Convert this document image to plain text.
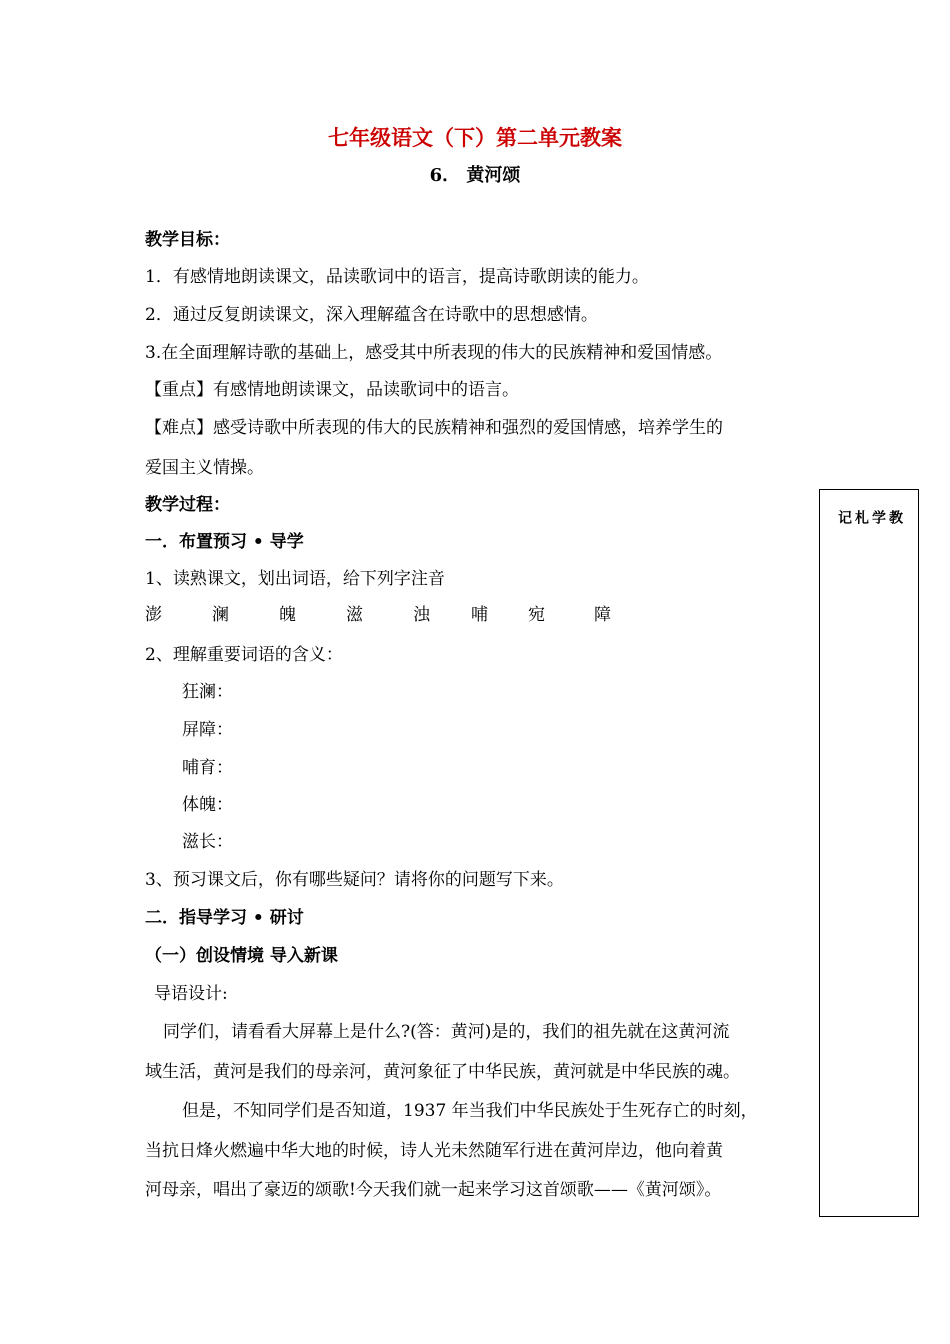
七年级语文（下）第二单元教案
6． 黄河颂
教学目标：
1．有感情地朗读课文，品读歌词中的语言，提高诗歌朗读的能力。
2．通过反复朗读课文，深入理解蕴含在诗歌中的思想感情。
3.在全面理解诗歌的基础上，感受其中所表现的伟大的民族精神和爱国情感。
【重点】有感情地朗读课文，品读歌词中的语言。
【难点】感受诗歌中所表现的伟大的民族精神和强烈的爱国情感，培养学生的
爱国主义情操。
教学过程：
一．布置预习 • 导学
1、读熟课文，划出词语，给下列字注音
澎	澜	魄	滋	浊 哺 宛	障
2、理解重要词语的含义：
狂澜：
屏障：
哺育：
体魄：
滋长：
3、预习课文后，你有哪些疑问？请将你的问题写下来。
二．指导学习 • 研讨
（一）创设情境 导入新课
导语设计:
同学们，请看看大屏幕上是什么?(答：黄河)是的，我们的祖先就在这黄河流
域生活，黄河是我们的母亲河，黄河象征了中华民族，黄河就是中华民族的魂。
但是，不知同学们是否知道，1937 年当我们中华民族处于生死存亡的时刻，
当抗日烽火燃遍中华大地的时候，诗人光未然随军行进在黄河岸边，他向着黄
河母亲，唱出了豪迈的颂歌!今天我们就一起来学习这首颂歌——《黄河颂》。
教学札记
